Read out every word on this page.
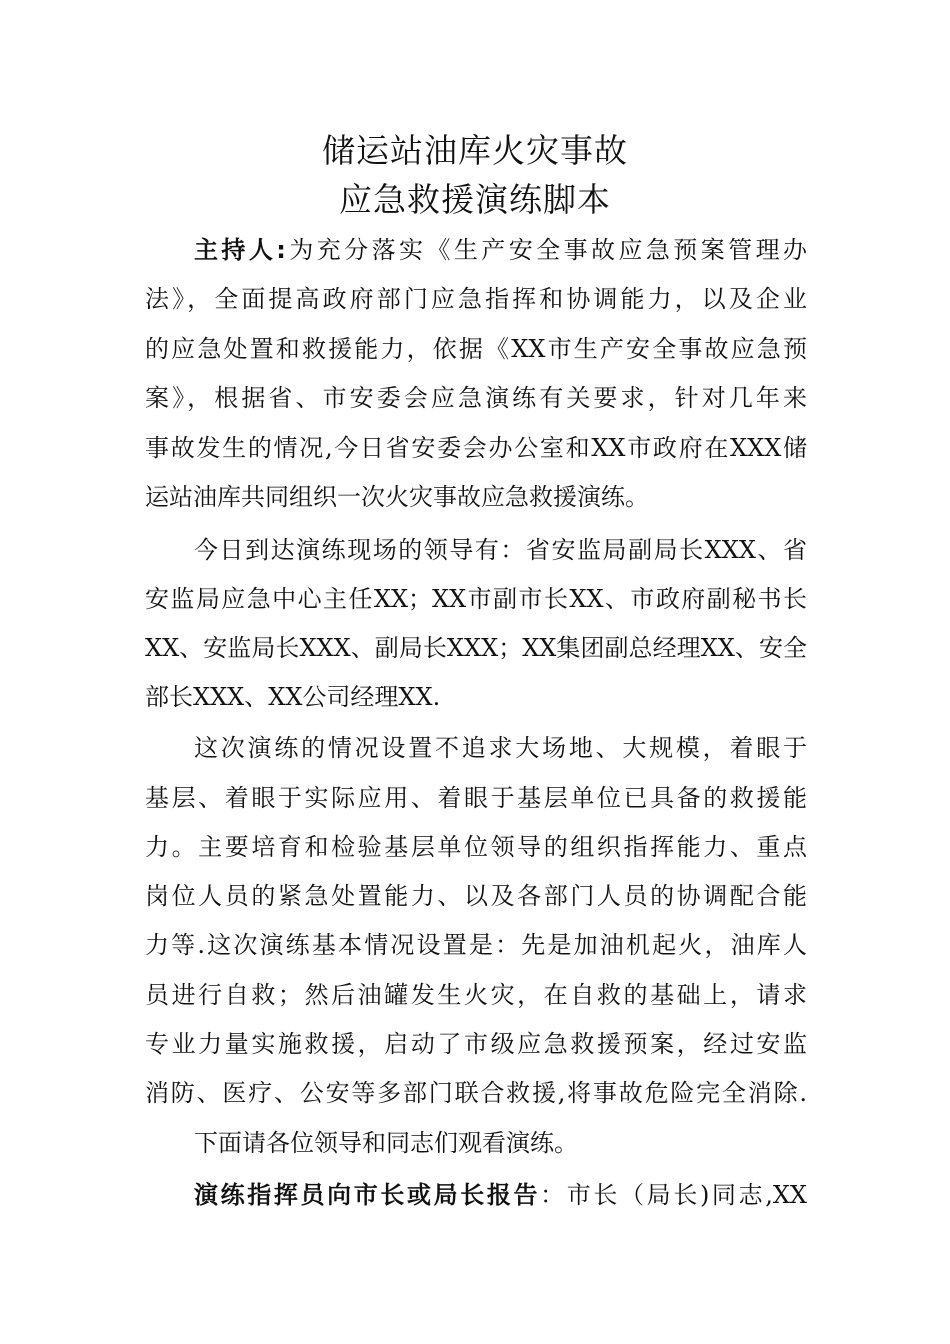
储运站油库火灾事故
应急救援演练脚本
主持人:为充分落实《生产安全事故应急预案管理办
法》，全面提高政府部门应急指挥和协调能力，以及企业
的应急处置和救援能力，依据《XX市生产安全事故应急预
案》，根据省、市安委会应急演练有关要求，针对几年来
事故发生的情况,今日省安委会办公室和XX市政府在XXX储
运站油库共同组织一次火灾事故应急救援演练。
今日到达演练现场的领导有：省安监局副局长XXX、省
安监局应急中心主任XX；XX市副市长XX、市政府副秘书长
XX、安监局长XXX、副局长XXX；XX集团副总经理XX、安全
部长XXX、XX公司经理XX.
这次演练的情况设置不追求大场地、大规模，着眼于
基层、着眼于实际应用、着眼于基层单位已具备的救援能
力。主要培育和检验基层单位领导的组织指挥能力、重点
岗位人员的紧急处置能力、以及各部门人员的协调配合能
力等.这次演练基本情况设置是：先是加油机起火，油库人
员进行自救；然后油罐发生火灾，在自救的基础上，请求
专业力量实施救援，启动了市级应急救援预案，经过安监
消防、医疗、公安等多部门联合救援,将事故危险完全消除.
下面请各位领导和同志们观看演练。
演练指挥员向市长或局长报告：市长（局长)同志,XX
